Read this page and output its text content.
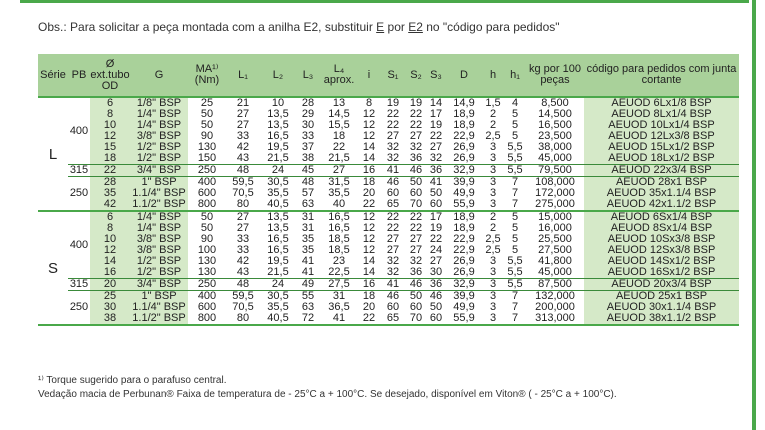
Obs.: Para solicitar a peça montada com a anilha E2, substituir E por E2 no "código para pedidos"
Série	PB	Ø ext.tubo OD	G	MA¹⁾ (Nm)	L₁	L₂	L₃	L₄ aprox.	i	S₁	S₂	S₃	D	h	h₁	kg por 100 peças	código para pedidos com junta cortante
L	400	6	1/8" BSP	25	21	10	28	13	8	19	19	14	14,9	1,5	4	8,500	AEUOD 6Lx1/8 BSP
		8	1/4" BSP	50	27	13,5	29	14,5	12	22	22	17	18,9	2	5	14,500	AEUOD 8Lx1/4 BSP
		10	1/4" BSP	50	27	13,5	30	15,5	12	22	22	19	18,9	2	5	16,500	AEUOD 10Lx1/4 BSP
		12	3/8" BSP	90	33	16,5	33	18	12	27	27	22	22,9	2,5	5	23,500	AEUOD 12Lx3/8 BSP
		15	1/2" BSP	130	42	19,5	37	22	14	32	32	27	26,9	3	5,5	38,000	AEUOD 15Lx1/2 BSP
		18	1/2" BSP	150	43	21,5	38	21,5	14	32	36	32	26,9	3	5,5	45,000	AEUOD 18Lx1/2 BSP
	315	22	3/4" BSP	250	48	24	45	27	16	41	46	36	32,9	3	5,5	79,500	AEUOD 22x3/4 BSP
	250	28	1" BSP	400	59,5	30,5	48	31,5	18	46	50	41	39,9	3	7	108,000	AEUOD 28x1 BSP
		35	1.1/4" BSP	600	70,5	35,5	57	35,5	20	60	60	50	49,9	3	7	172,000	AEUOD 35x1.1/4 BSP
		42	1.1/2" BSP	800	80	40,5	63	40	22	65	70	60	55,9	3	7	275,000	AEUOD 42x1.1/2 BSP
S	400	6	1/4" BSP	50	27	13,5	31	16,5	12	22	22	17	18,9	2	5	15,000	AEUOD 6Sx1/4 BSP
		8	1/4" BSP	50	27	13,5	31	16,5	12	22	22	19	18,9	2	5	16,000	AEUOD 8Sx1/4 BSP
		10	3/8" BSP	90	33	16,5	35	18,5	12	27	27	22	22,9	2,5	5	25,500	AEUOD 10Sx3/8 BSP
		12	3/8" BSP	100	33	16,5	35	18,5	12	27	27	24	22,9	2,5	5	27,500	AEUOD 12Sx3/8 BSP
		14	1/2" BSP	130	42	19,5	41	23	14	32	32	27	26,9	3	5,5	41,800	AEUOD 14Sx1/2 BSP
		16	1/2" BSP	130	43	21,5	41	22,5	14	32	36	30	26,9	3	5,5	45,000	AEUOD 16Sx1/2 BSP
	315	20	3/4" BSP	250	48	24	49	27,5	16	41	46	36	32,9	3	5,5	87,500	AEUOD 20x3/4 BSP
	250	25	1" BSP	400	59,5	30,5	55	31	18	46	50	46	39,9	3	7	132,000	AEUOD 25x1 BSP
		30	1.1/4" BSP	600	70,5	35,5	63	36,5	20	60	60	50	49,9	3	7	200,000	AEUOD 30x1.1/4 BSP
		38	1.1/2" BSP	800	80	40,5	72	41	22	65	70	60	55,9	3	7	313,000	AEUOD 38x1.1/2 BSP
¹⁾ Torque sugerido para o parafuso central.
Vedação macia de Perbunan® Faixa de temperatura de - 25°C a + 100°C. Se desejado, disponível em Viton® ( - 25°C a + 100°C).
